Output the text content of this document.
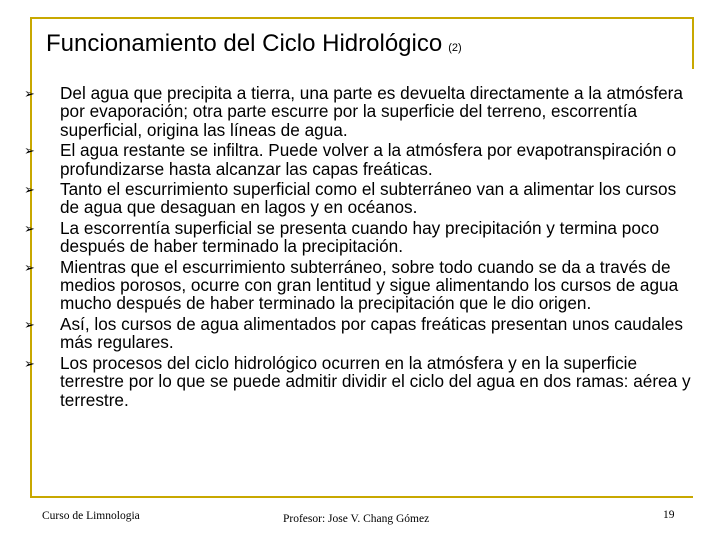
Funcionamiento del Ciclo Hidrológico (2)
➢ Del agua que precipita a tierra, una parte es devuelta directamente a la atmósfera por evaporación; otra parte escurre por la superficie del terreno, escorrentía superficial, origina las líneas de agua.
➢ El agua restante se infiltra. Puede volver a la atmósfera por evapotranspiración o profundizarse hasta alcanzar las capas freáticas.
➢ Tanto el escurrimiento superficial como el subterráneo van a alimentar los cursos de agua que desaguan en lagos y en océanos.
➢ La escorrentía superficial se presenta cuando hay precipitación y termina poco después de haber terminado la precipitación.
➢ Mientras que el escurrimiento subterráneo, sobre todo cuando se da a través de medios porosos, ocurre con gran lentitud y sigue alimentando los cursos de agua mucho después de haber terminado la precipitación que le dio origen.
➢ Así, los cursos de agua alimentados por capas freáticas presentan unos caudales más regulares.
➢ Los procesos del ciclo hidrológico ocurren en la atmósfera y en la superficie terrestre por lo que se puede admitir dividir el ciclo del agua en dos ramas: aérea y terrestre.
Curso de Limnologia	Profesor: Jose V. Chang Gómez	19
